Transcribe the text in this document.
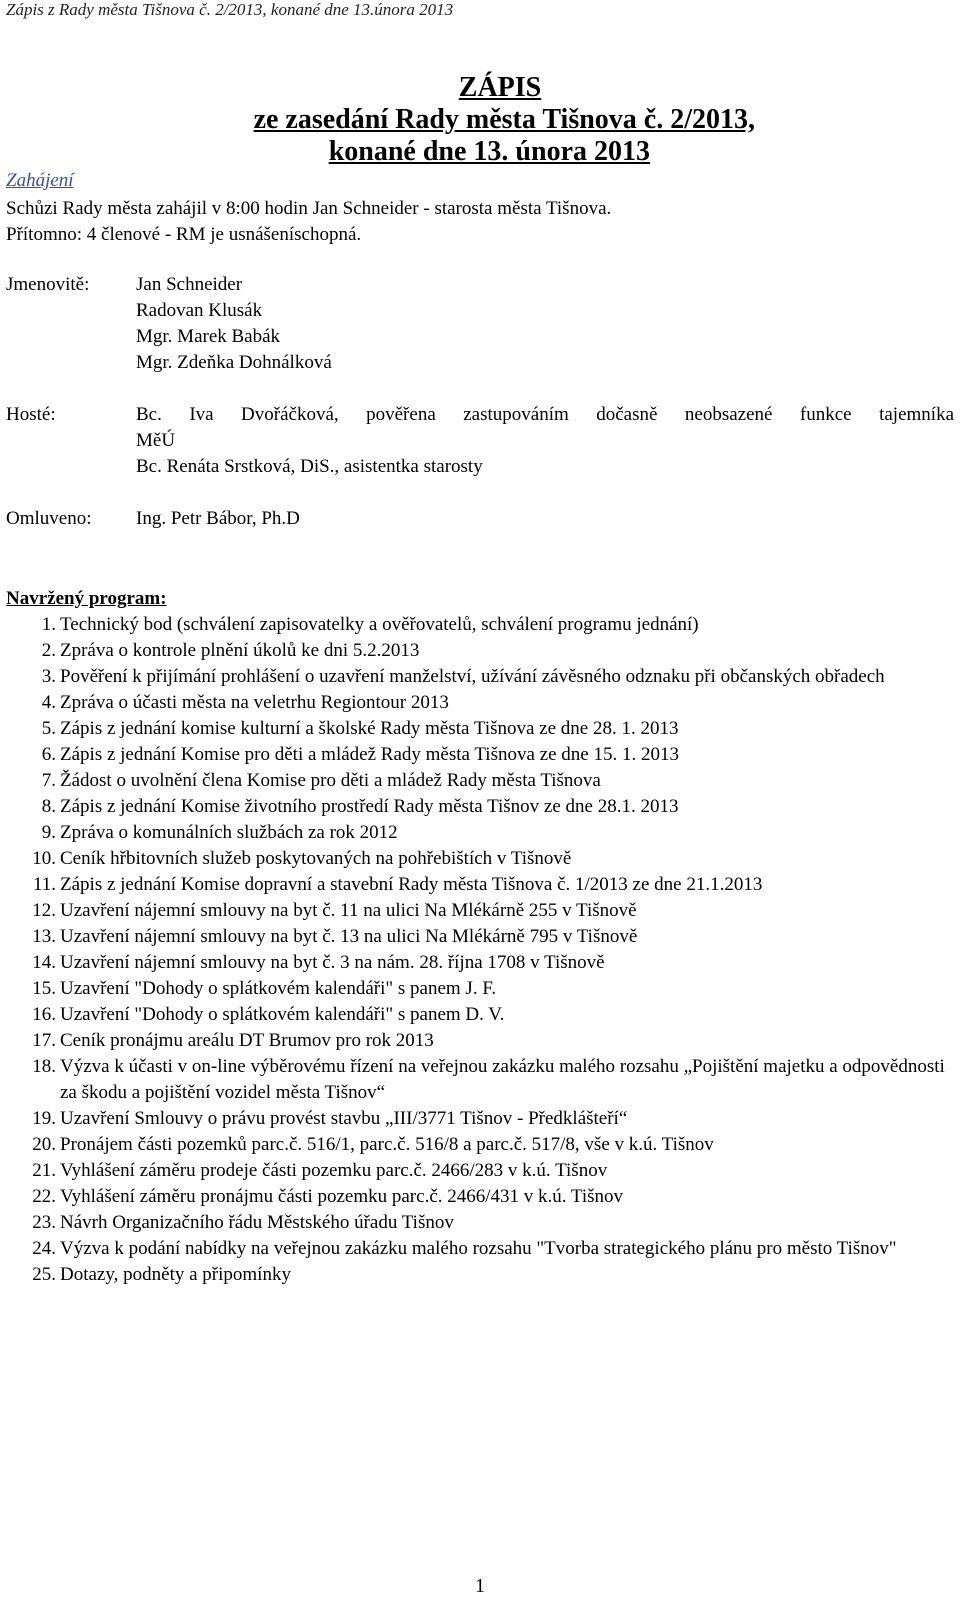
Zápis z Rady města Tišnova č. 2/2013, konané dne 13.února 2013
ZÁPIS
ze zasedání Rady města Tišnova č. 2/2013,
konané dne 13. února 2013
Zahájení
Schůzi Rady města zahájil v 8:00 hodin Jan Schneider - starosta města Tišnova.
Přítomno: 4 členové - RM je usnášeníschopná.
Jmenovitě: Jan Schneider
Radovan Klusák
Mgr. Marek Babák
Mgr. Zdeňka Dohnálková
Hosté:	Bc. Iva Dvořáčková, pověřena zastupováním dočasně neobsazené funkce tajemníka
MěÚ
Bc. Renáta Srstková, DiS., asistentka starosty
Omluveno: Ing. Petr Bábor, Ph.D
Navržený program:
1. Technický bod (schválení zapisovatelky a ověřovatelů, schválení programu jednání)
2. Zpráva o kontrole plnění úkolů ke dni 5.2.2013
3. Pověření k přijímání prohlášení o uzavření manželství, užívání závěsného odznaku při občanských obřadech
4. Zpráva o účasti města na veletrhu Regiontour 2013
5. Zápis z jednání komise kulturní a školské Rady města Tišnova ze dne 28. 1. 2013
6. Zápis z jednání Komise pro děti a mládež Rady města Tišnova ze dne 15. 1. 2013
7. Žádost o uvolnění člena Komise pro děti a mládež Rady města Tišnova
8. Zápis z jednání Komise životního prostředí Rady města Tišnov ze dne 28.1. 2013
9. Zpráva o komunálních službách za rok 2012
10. Ceník hřbitovních služeb poskytovaných na pohřebištích v Tišnově
11. Zápis z jednání Komise dopravní a stavební Rady města Tišnova č. 1/2013 ze dne 21.1.2013
12. Uzavření nájemní smlouvy na byt č. 11 na ulici Na Mlékárně 255 v Tišnově
13. Uzavření nájemní smlouvy na byt č. 13 na ulici Na Mlékárně 795 v Tišnově
14. Uzavření nájemní smlouvy na byt č. 3 na nám. 28. října 1708 v Tišnově
15. Uzavření "Dohody o splátkovém kalendáři" s panem J. F.
16. Uzavření "Dohody o splátkovém kalendáři" s panem D. V.
17. Ceník pronájmu areálu DT Brumov pro rok 2013
18. Výzva k účasti v on-line výběrovému řízení na veřejnou zakázku malého rozsahu „Pojištění majetku a odpovědnosti za škodu a pojištění vozidel města Tišnov“
19. Uzavření Smlouvy o právu provést stavbu „III/3771 Tišnov - Předklášteří“
20. Pronájem části pozemků parc.č. 516/1, parc.č. 516/8 a parc.č. 517/8, vše v k.ú. Tišnov
21. Vyhlášení záměru prodeje části pozemku parc.č. 2466/283 v k.ú. Tišnov
22. Vyhlášení záměru pronájmu části pozemku parc.č. 2466/431 v k.ú. Tišnov
23. Návrh Organizačního řádu Městského úřadu Tišnov
24. Výzva k podání nabídky na veřejnou zakázku malého rozsahu "Tvorba strategického plánu pro město Tišnov"
25. Dotazy, podněty a připomínky
1
